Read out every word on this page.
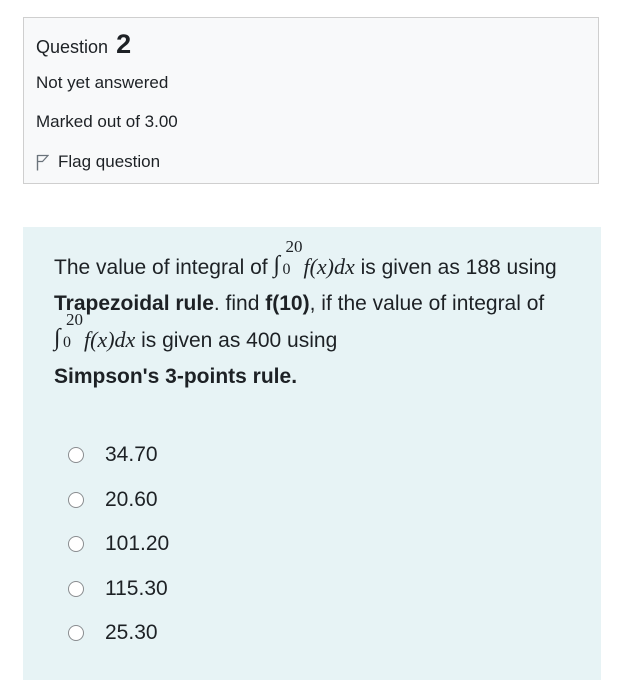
Question 2
Not yet answered
Marked out of 3.00
Flag question
The value of integral of ∫
20
0 f(x)dx is given as 188 using Trapezoidal rule. find f(10), if the value of integral of
∫
20
0 f(x)dx is given as 400 using
Simpson's 3-points rule.
34.70
20.60
101.20
115.30
25.30
